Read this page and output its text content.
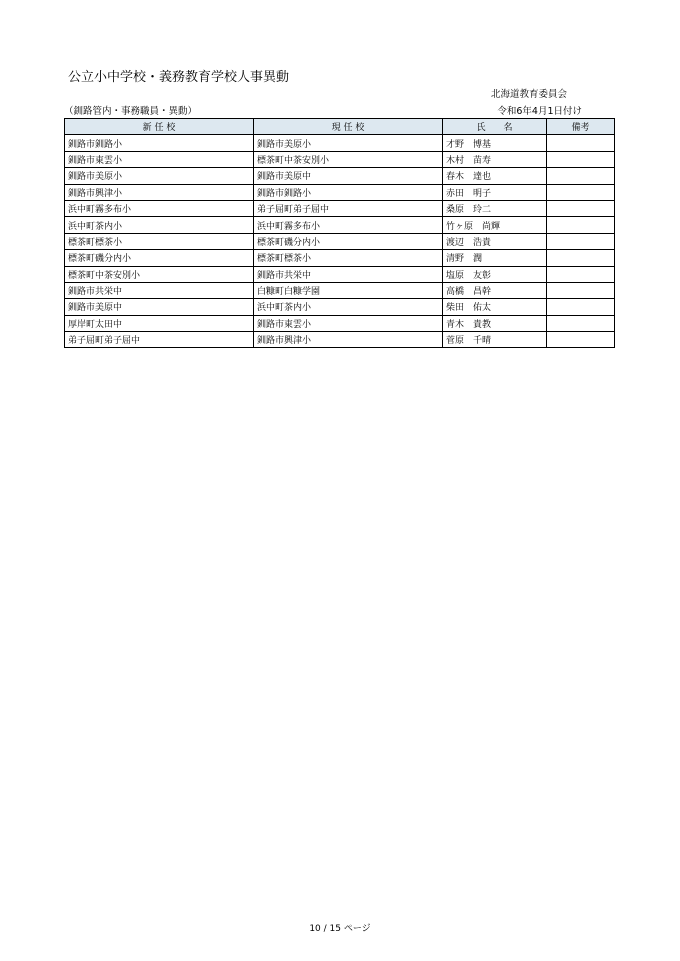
公立小中学校・義務教育学校人事異動
北海道教育委員会
（釧路管内・事務職員・異動）	令和6年4月1日付け
新 任 校	現 任 校	氏　　名	備考
釧路市釧路小	釧路市美原小	才野　博基	
釧路市東雲小	標茶町中茶安別小	木村　苗寿	
釧路市美原小	釧路市美原中	春木　達也	
釧路市興津小	釧路市釧路小	赤田　明子	
浜中町霧多布小	弟子屈町弟子屈中	桑原　玲二	
浜中町茶内小	浜中町霧多布小	竹ヶ原　尚輝	
標茶町標茶小	標茶町磯分内小	渡辺　浩貴	
標茶町磯分内小	標茶町標茶小	清野　潤	
標茶町中茶安別小	釧路市共栄中	塩原　友彰	
釧路市共栄中	白糠町白糠学園	高橋　昌幹	
釧路市美原中	浜中町茶内小	柴田　佑太	
厚岸町太田中	釧路市東雲小	青木　貴教	
弟子屈町弟子屈中	釧路市興津小	菅原　千晴	
10 / 15 ページ
